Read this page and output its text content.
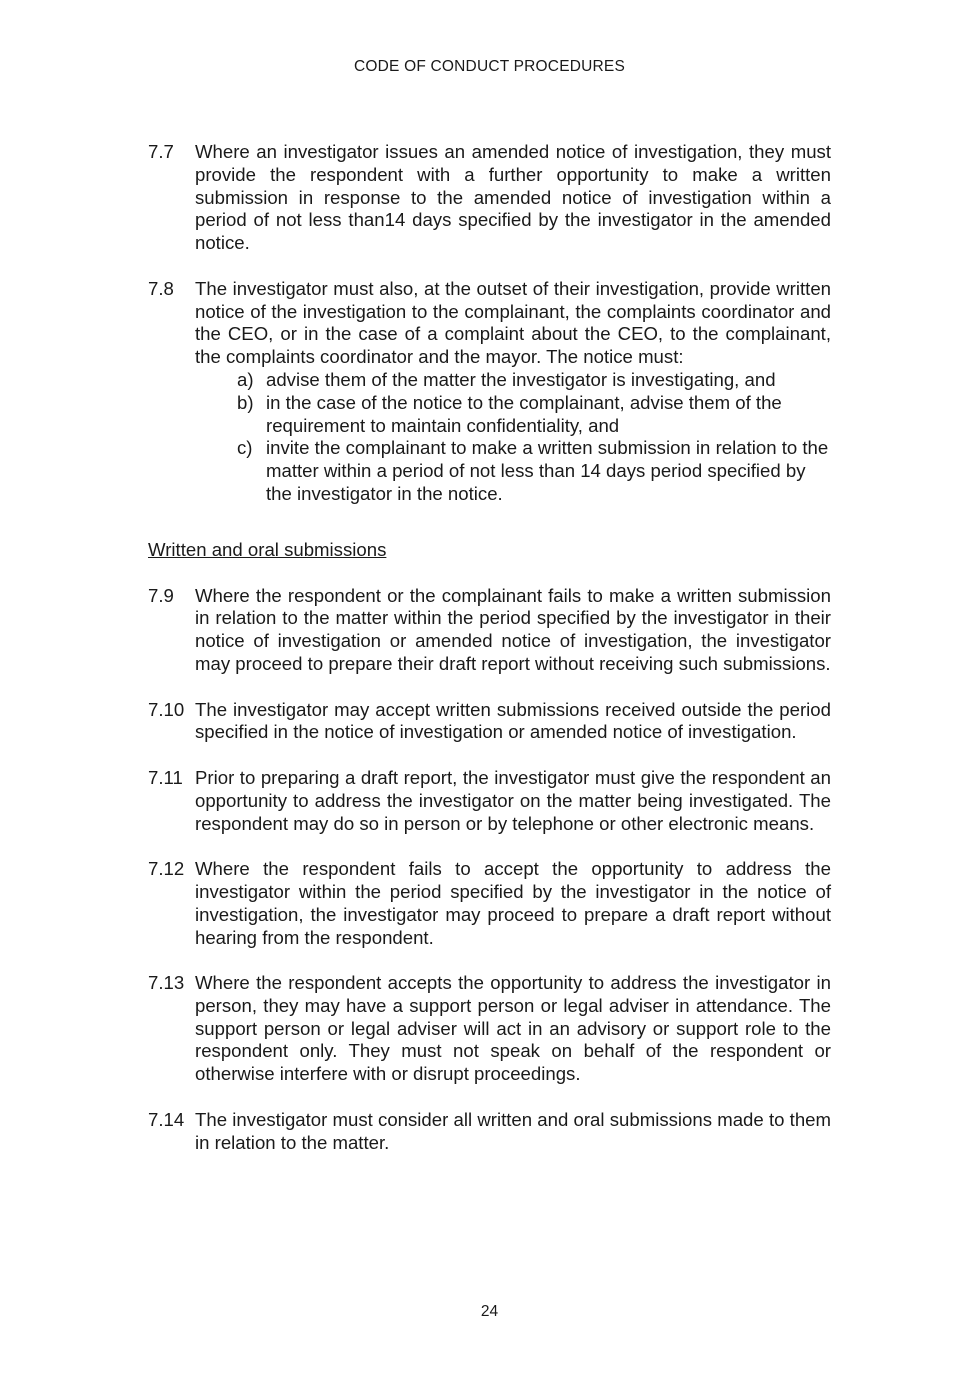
CODE OF CONDUCT PROCEDURES
7.7	Where an investigator issues an amended notice of investigation, they must provide the respondent with a further opportunity to make a written submission in response to the amended notice of investigation within a period of not less than14 days specified by the investigator in the amended notice.
7.8	The investigator must also, at the outset of their investigation, provide written notice of the investigation to the complainant, the complaints coordinator and the CEO, or in the case of a complaint about the CEO, to the complainant, the complaints coordinator and the mayor. The notice must:
a) advise them of the matter the investigator is investigating, and
b) in the case of the notice to the complainant, advise them of the requirement to maintain confidentiality, and
c) invite the complainant to make a written submission in relation to the matter within a period of not less than 14 days period specified by the investigator in the notice.
Written and oral submissions
7.9	Where the respondent or the complainant fails to make a written submission in relation to the matter within the period specified by the investigator in their notice of investigation or amended notice of investigation, the investigator may proceed to prepare their draft report without receiving such submissions.
7.10 The investigator may accept written submissions received outside the period specified in the notice of investigation or amended notice of investigation.
7.11 Prior to preparing a draft report, the investigator must give the respondent an opportunity to address the investigator on the matter being investigated. The respondent may do so in person or by telephone or other electronic means.
7.12 Where the respondent fails to accept the opportunity to address the investigator within the period specified by the investigator in the notice of investigation, the investigator may proceed to prepare a draft report without hearing from the respondent.
7.13 Where the respondent accepts the opportunity to address the investigator in person, they may have a support person or legal adviser in attendance. The support person or legal adviser will act in an advisory or support role to the respondent only. They must not speak on behalf of the respondent or otherwise interfere with or disrupt proceedings.
7.14 The investigator must consider all written and oral submissions made to them in relation to the matter.
24
